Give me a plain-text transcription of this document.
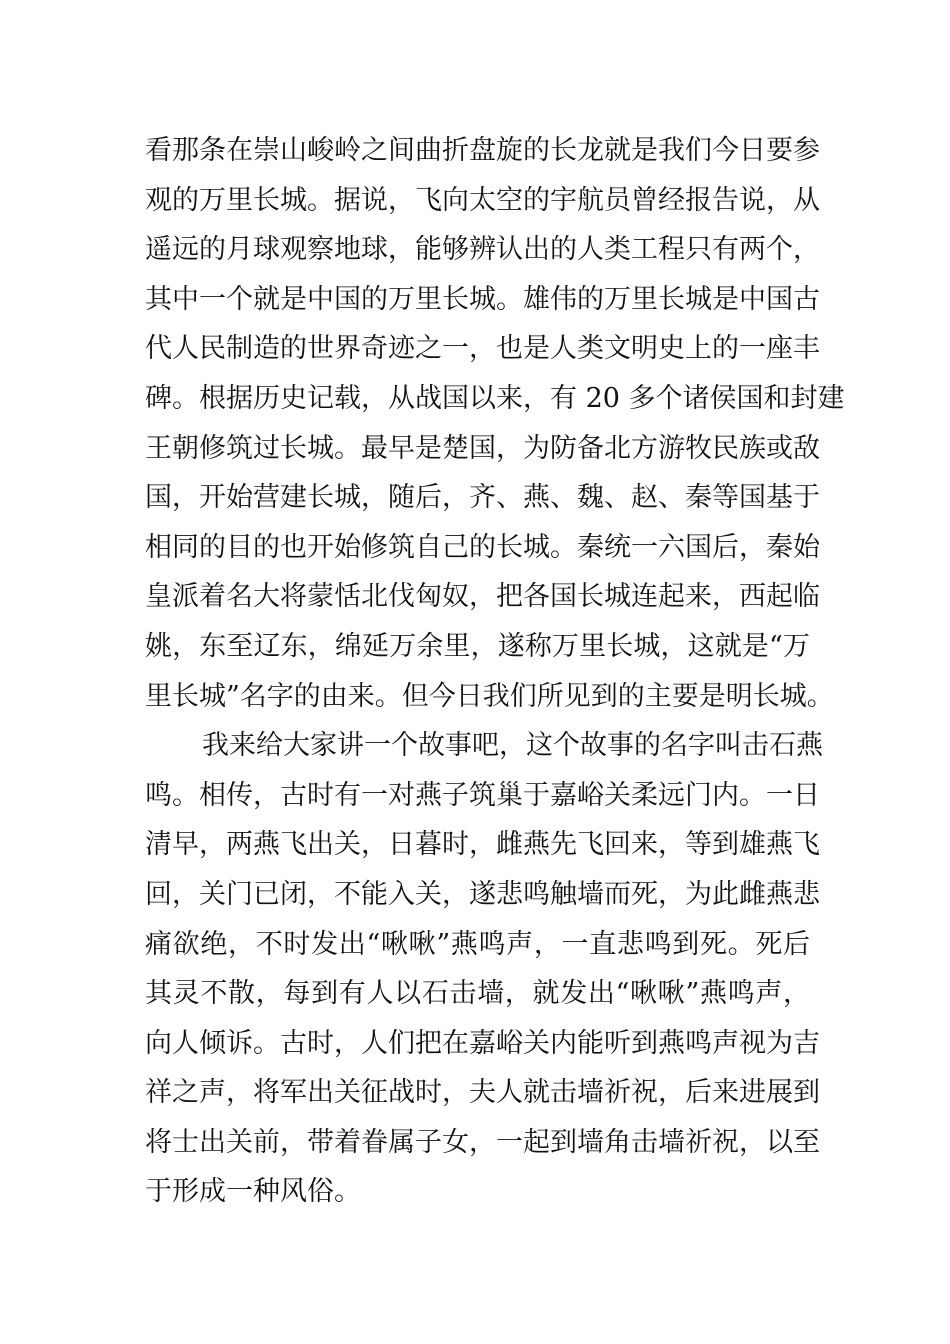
看那条在崇山峻岭之间曲折盘旋的长龙就是我们今日要参
观的万里长城。据说，飞向太空的宇航员曾经报告说，从
遥远的月球观察地球，能够辨认出的人类工程只有两个，
其中一个就是中国的万里长城。雄伟的万里长城是中国古
代人民制造的世界奇迹之一，也是人类文明史上的一座丰
碑。根据历史记载，从战国以来，有 20 多个诸侯国和封建
王朝修筑过长城。最早是楚国，为防备北方游牧民族或敌
国，开始营建长城，随后，齐、燕、魏、赵、秦等国基于
相同的目的也开始修筑自己的长城。秦统一六国后，秦始
皇派着名大将蒙恬北伐匈奴，把各国长城连起来，西起临
姚，东至辽东，绵延万余里，遂称万里长城，这就是“万
里长城”名字的由来。但今日我们所见到的主要是明长城。
我来给大家讲一个故事吧，这个故事的名字叫击石燕
鸣。相传，古时有一对燕子筑巢于嘉峪关柔远门内。一日
清早，两燕飞出关，日暮时，雌燕先飞回来，等到雄燕飞
回，关门已闭，不能入关，遂悲鸣触墙而死，为此雌燕悲
痛欲绝，不时发出“啾啾”燕鸣声，一直悲鸣到死。死后
其灵不散，每到有人以石击墙，就发出“啾啾”燕鸣声，
向人倾诉。古时，人们把在嘉峪关内能听到燕鸣声视为吉
祥之声，将军出关征战时，夫人就击墙祈祝，后来进展到
将士出关前，带着眷属子女，一起到墙角击墙祈祝，以至
于形成一种风俗。
